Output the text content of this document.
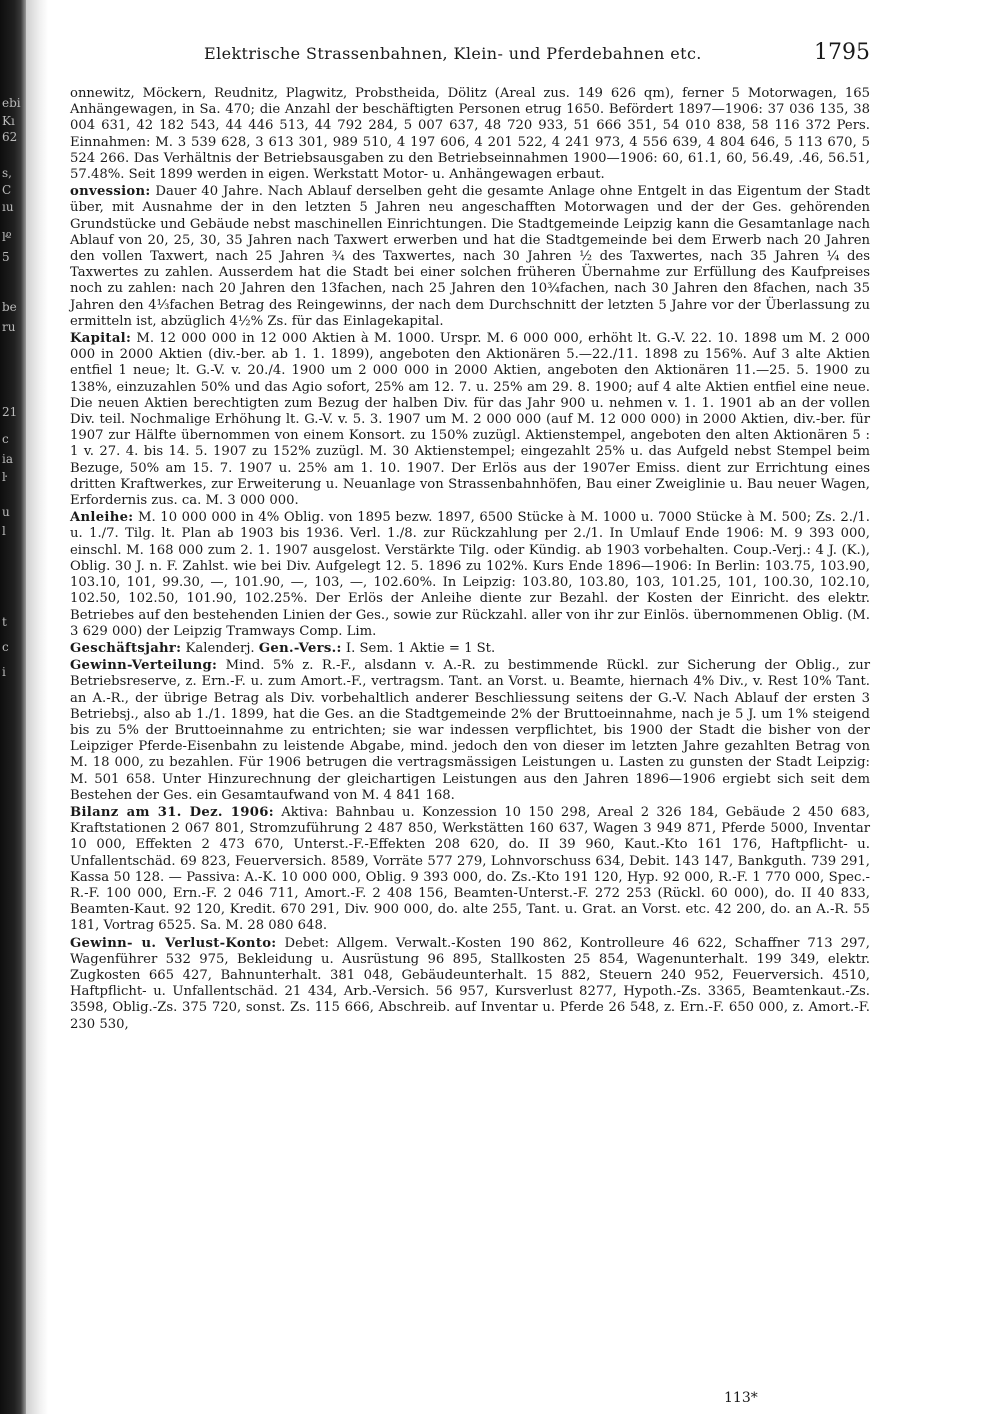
ebi
Kı
62
s,
C
ıu
ŀº
5
be
ru
21
c
ia
ŀ
u
l
t
c
i
Elektrische Strassenbahnen, Klein- und Pferdebahnen etc.	1795

onnewitz, Möckern, Reudnitz, Plagwitz, Probstheida, Dölitz (Areal zus. 149 626 qm), ferner 5 Motorwagen, 165 Anhängewagen, in Sa. 470; die Anzahl der beschäftigten Personen etrug 1650. Befördert 1897—1906: 37 036 135, 38 004 631, 42 182 543, 44 446 513, 44 792 284, 5 007 637, 48 720 933, 51 666 351, 54 010 838, 58 116 372 Pers. Einnahmen: M. 3 539 628, 3 613 301, 989 510, 4 197 606, 4 201 522, 4 241 973, 4 556 639, 4 804 646, 5 113 670, 5 524 266. Das Verhältnis der Betriebsausgaben zu den Betriebseinnahmen 1900—1906: 60, 61.1, 60, 56.49, .46, 56.51, 57.48%. Seit 1899 werden in eigen. Werkstatt Motor- u. Anhängewagen erbaut.

onvession: Dauer 40 Jahre. Nach Ablauf derselben geht die gesamte Anlage ohne Entgelt in das Eigentum der Stadt über, mit Ausnahme der in den letzten 5 Jahren neu angeschafften Motorwagen und der der Ges. gehörenden Grundstücke und Gebäude nebst maschinellen Einrichtungen. Die Stadtgemeinde Leipzig kann die Gesamtanlage nach Ablauf von 20, 25, 30, 35 Jahren nach Taxwert erwerben und hat die Stadtgemeinde bei dem Erwerb nach 20 Jahren den vollen Taxwert, nach 25 Jahren ¾ des Taxwertes, nach 30 Jahren ½ des Taxwertes, nach 35 Jahren ¼ des Taxwertes zu zahlen. Ausserdem hat die Stadt bei einer solchen früheren Übernahme zur Erfüllung des Kaufpreises noch zu zahlen: nach 20 Jahren den 13fachen, nach 25 Jahren den 10¾fachen, nach 30 Jahren den 8fachen, nach 35 Jahren den 4⅓fachen Betrag des Reingewinns, der nach dem Durchschnitt der letzten 5 Jahre vor der Überlassung zu ermitteln ist, abzüglich 4½% Zs. für das Einlagekapital.

Kapital: M. 12 000 000 in 12 000 Aktien à M. 1000. Urspr. M. 6 000 000, erhöht lt. G.-V. 22. 10. 1898 um M. 2 000 000 in 2000 Aktien (div.-ber. ab 1. 1. 1899), angeboten den Aktionären 5.—22./11. 1898 zu 156%. Auf 3 alte Aktien entfiel 1 neue; lt. G.-V. v. 20./4. 1900 um 2 000 000 in 2000 Aktien, angeboten den Aktionären 11.—25. 5. 1900 zu 138%, einzuzahlen 50% und das Agio sofort, 25% am 12. 7. u. 25% am 29. 8. 1900; auf 4 alte Aktien entfiel eine neue. Die neuen Aktien berechtigten zum Bezug der halben Div. für das Jahr 900 u. nehmen v. 1. 1. 1901 ab an der vollen Div. teil. Nochmalige Erhöhung lt. G.-V. v. 5. 3. 1907 um M. 2 000 000 (auf M. 12 000 000) in 2000 Aktien, div.-ber. für 1907 zur Hälfte übernommen von einem Konsort. zu 150% zuzügl. Aktienstempel, angeboten den alten Aktionären 5 : 1 v. 27. 4. bis 14. 5. 1907 zu 152% zuzügl. M. 30 Aktienstempel; eingezahlt 25% u. das Aufgeld nebst Stempel beim Bezuge, 50% am 15. 7. 1907 u. 25% am 1. 10. 1907. Der Erlös aus der 1907er Emiss. dient zur Errichtung eines dritten Kraftwerkes, zur Erweiterung u. Neuanlage von Strassenbahnhöfen, Bau einer Zweiglinie u. Bau neuer Wagen, Erfordernis zus. ca. M. 3 000 000.

Anleihe: M. 10 000 000 in 4% Oblig. von 1895 bezw. 1897, 6500 Stücke à M. 1000 u. 7000 Stücke à M. 500; Zs. 2./1. u. 1./7. Tilg. lt. Plan ab 1903 bis 1936. Verl. 1./8. zur Rückzahlung per 2./1. In Umlauf Ende 1906: M. 9 393 000, einschl. M. 168 000 zum 2. 1. 1907 ausgelost. Verstärkte Tilg. oder Kündig. ab 1903 vorbehalten. Coup.-Verj.: 4 J. (K.), Oblig. 30 J. n. F. Zahlst. wie bei Div. Aufgelegt 12. 5. 1896 zu 102%. Kurs Ende 1896—1906: In Berlin: 103.75, 103.90, 103.10, 101, 99.30, —, 101.90, —, 103, —, 102.60%. In Leipzig: 103.80, 103.80, 103, 101.25, 101, 100.30, 102.10, 102.50, 102.50, 101.90, 102.25%. Der Erlös der Anleihe diente zur Bezahl. der Kosten der Einricht. des elektr. Betriebes auf den bestehenden Linien der Ges., sowie zur Rückzahl. aller von ihr zur Einlös. übernommenen Oblig. (M. 3 629 000) der Leipzig Tramways Comp. Lim.

Geschäftsjahr: Kalenderj. Gen.-Vers.: I. Sem. 1 Aktie = 1 St.

Gewinn-Verteilung: Mind. 5% z. R.-F., alsdann v. A.-R. zu bestimmende Rückl. zur Sicherung der Oblig., zur Betriebsreserve, z. Ern.-F. u. zum Amort.-F., vertragsm. Tant. an Vorst. u. Beamte, hiernach 4% Div., v. Rest 10% Tant. an A.-R., der übrige Betrag als Div. vorbehaltlich anderer Beschliessung seitens der G.-V. Nach Ablauf der ersten 3 Betriebsj., also ab 1./1. 1899, hat die Ges. an die Stadtgemeinde 2% der Bruttoeinnahme, nach je 5 J. um 1% steigend bis zu 5% der Bruttoeinnahme zu entrichten; sie war indessen verpflichtet, bis 1900 der Stadt die bisher von der Leipziger Pferde-Eisenbahn zu leistende Abgabe, mind. jedoch den von dieser im letzten Jahre gezahlten Betrag von M. 18 000, zu bezahlen. Für 1906 betrugen die vertragsmässigen Leistungen u. Lasten zu gunsten der Stadt Leipzig: M. 501 658. Unter Hinzurechnung der gleichartigen Leistungen aus den Jahren 1896—1906 ergiebt sich seit dem Bestehen der Ges. ein Gesamtaufwand von M. 4 841 168.

Bilanz am 31. Dez. 1906: Aktiva: Bahnbau u. Konzession 10 150 298, Areal 2 326 184, Gebäude 2 450 683, Kraftstationen 2 067 801, Stromzuführung 2 487 850, Werkstätten 160 637, Wagen 3 949 871, Pferde 5000, Inventar 10 000, Effekten 2 473 670, Unterst.-F.-Effekten 208 620, do. II 39 960, Kaut.-Kto 161 176, Haftpflicht- u. Unfallentschäd. 69 823, Feuerversich. 8589, Vorräte 577 279, Lohnvorschuss 634, Debit. 143 147, Bankguth. 739 291, Kassa 50 128. — Passiva: A.-K. 10 000 000, Oblig. 9 393 000, do. Zs.-Kto 191 120, Hyp. 92 000, R.-F. 1 770 000, Spec.-R.-F. 100 000, Ern.-F. 2 046 711, Amort.-F. 2 408 156, Beamten-Unterst.-F. 272 253 (Rückl. 60 000), do. II 40 833, Beamten-Kaut. 92 120, Kredit. 670 291, Div. 900 000, do. alte 255, Tant. u. Grat. an Vorst. etc. 42 200, do. an A.-R. 55 181, Vortrag 6525. Sa. M. 28 080 648.

Gewinn- u. Verlust-Konto: Debet: Allgem. Verwalt.-Kosten 190 862, Kontrolleure 46 622, Schaffner 713 297, Wagenführer 532 975, Bekleidung u. Ausrüstung 96 895, Stallkosten 25 854, Wagenunterhalt. 199 349, elektr. Zugkosten 665 427, Bahnunterhalt. 381 048, Gebäudeunterhalt. 15 882, Steuern 240 952, Feuerversich. 4510, Haftpflicht- u. Unfallentschäd. 21 434, Arb.-Versich. 56 957, Kursverlust 8277, Hypoth.-Zs. 3365, Beamtenkaut.-Zs. 3598, Oblig.-Zs. 375 720, sonst. Zs. 115 666, Abschreib. auf Inventar u. Pferde 26 548, z. Ern.-F. 650 000, z. Amort.-F. 230 530,

113*
